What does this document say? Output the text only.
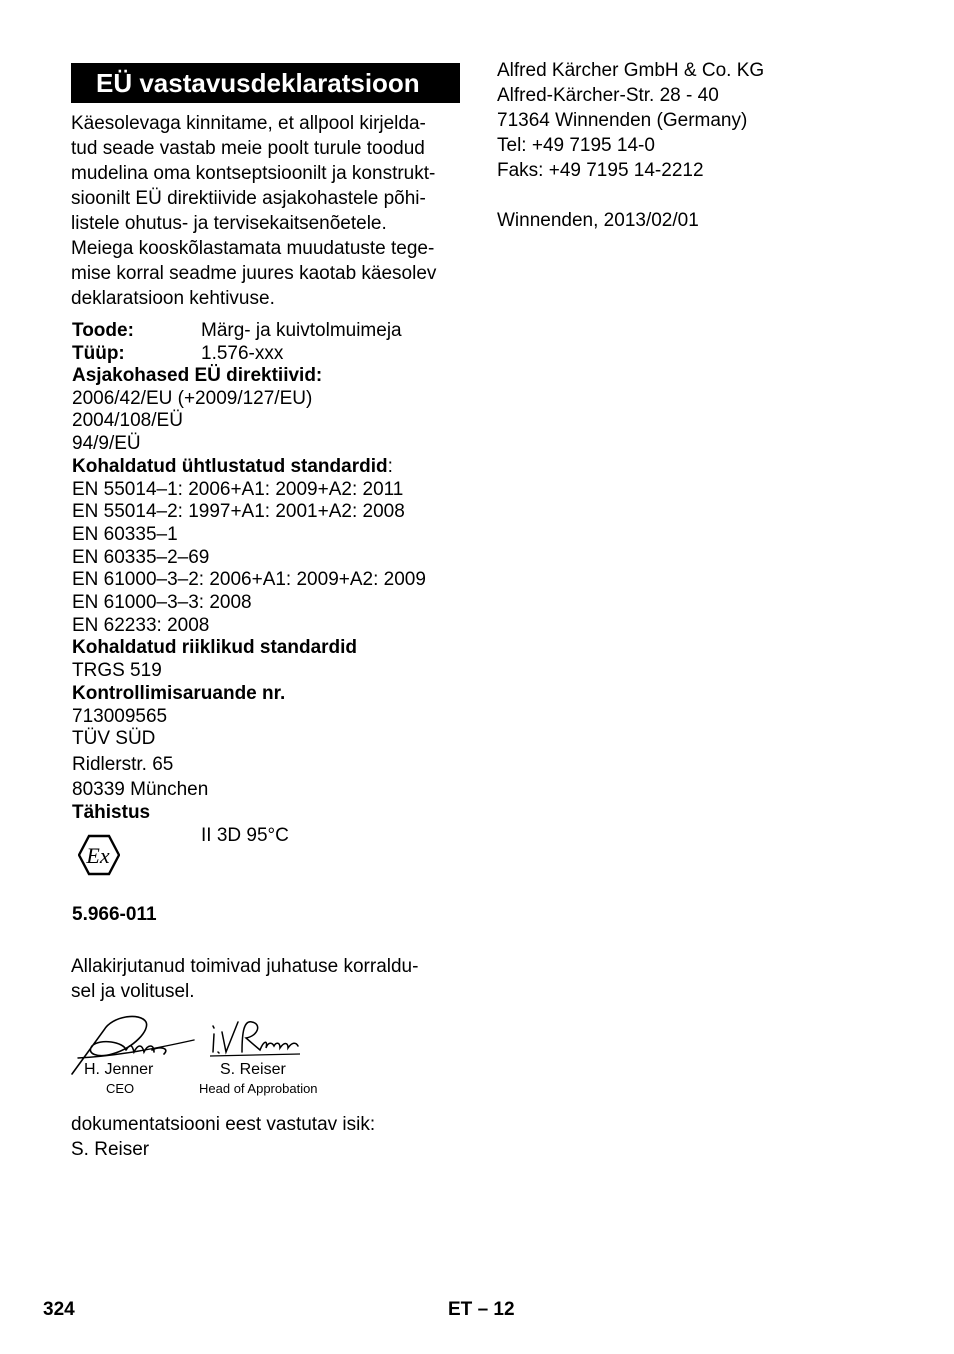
EÜ vastavusdeklaratsioon
Käesolevaga kinnitame, et allpool kirjelda-
tud seade vastab meie poolt turule toodud
mudelina oma kontseptsioonilt ja konstrukt-
sioonilt EÜ direktiivide asjakohastele põhi-
listele ohutus- ja tervisekaitsenõetele.
Meiega kooskõlastamata muudatuste tege-
mise korral seadme juures kaotab käesolev
deklaratsioon kehtivuse.
Toode:	Märg- ja kuivtolmuimeja
Tüüp:	1.576-xxx
Asjakohased EÜ direktiivid:
2006/42/EU (+2009/127/EU)
2004/108/EÜ
94/9/EÜ
Kohaldatud ühtlustatud standardid:
EN 55014–1: 2006+A1: 2009+A2: 2011
EN 55014–2: 1997+A1: 2001+A2: 2008
EN 60335–1
EN 60335–2–69
EN 61000–3–2: 2006+A1: 2009+A2: 2009
EN 61000–3–3: 2008
EN 62233: 2008
Kohaldatud riiklikud standardid
TRGS 519
Kontrollimisaruande nr.
713009565
TÜV SÜD
Ridlerstr. 65
80339 München
Tähistus
II 3D 95°C
Ex
5.966-011
Allakirjutanud toimivad juhatuse korraldu-
sel ja volitusel.
H. Jenner
CEO
S. Reiser
Head of Approbation
dokumentatsiooni eest vastutav isik:
S. Reiser
Alfred Kärcher GmbH & Co. KG
Alfred-Kärcher-Str. 28 - 40
71364 Winnenden (Germany)
Tel: +49 7195 14-0
Faks: +49 7195 14-2212
Winnenden, 2013/02/01
324	ET – 12
